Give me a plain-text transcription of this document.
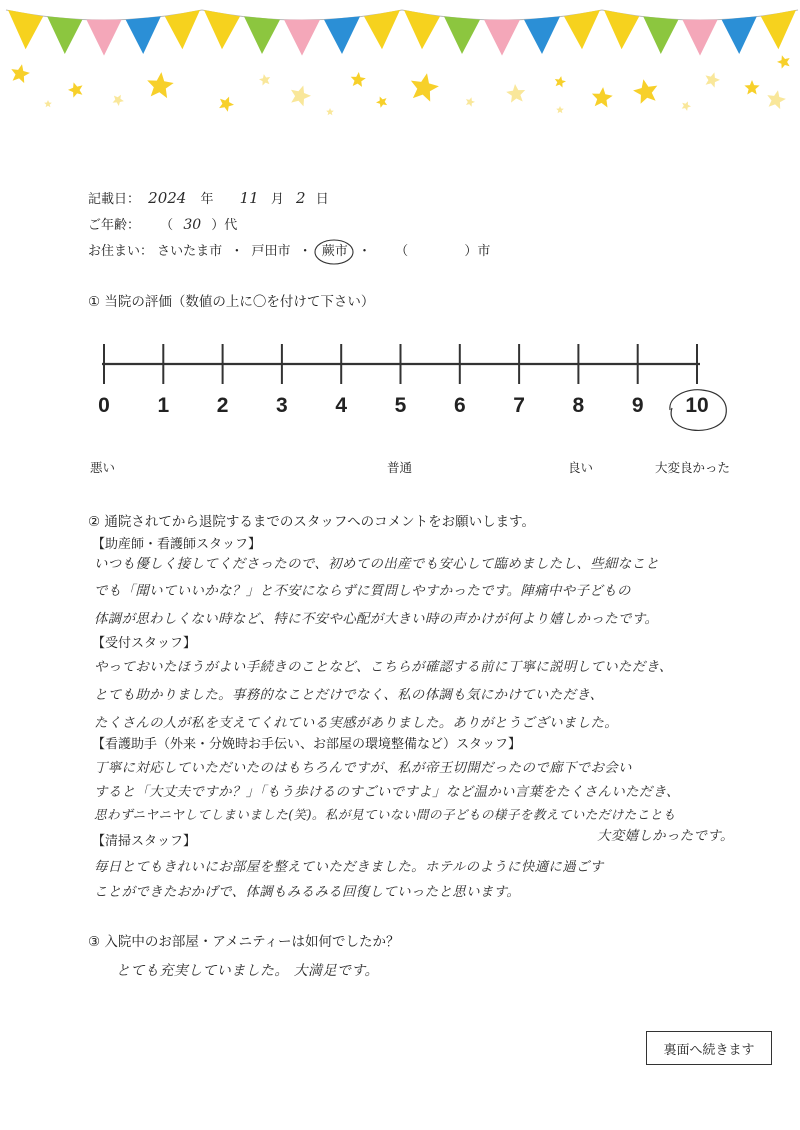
記載日： 2024 年 11 月 2 日
ご年齢： （ 30 ）代
お住まい： さいたま市 ・ 戸田市 ・ 蕨市 ・ （	）市
① 当院の評価（数値の上に〇を付けて下さい）
0	1	2	3	4	5	6	7	8	9	10
悪い	普通	良い	大変良かった
② 通院されてから退院するまでのスタッフへのコメントをお願いします。
【助産師・看護師スタッフ】
いつも優しく接してくださったので、初めての出産でも安心して臨めましたし、些細なこと
でも「聞いていいかな？」と不安にならずに質問しやすかったです。陣痛中や子どもの
体調が思わしくない時など、特に不安や心配が大きい時の声かけが何より嬉しかったです。
【受付スタッフ】
やっておいたほうがよい手続きのことなど、こちらが確認する前に丁寧に説明していただき、
とても助かりました。事務的なことだけでなく、私の体調も気にかけていただき、
たくさんの人が私を支えてくれている実感がありました。ありがとうございました。
【看護助手（外来・分娩時お手伝い、お部屋の環境整備など）スタッフ】
丁寧に対応していただいたのはもちろんですが、私が帝王切開だったので廊下でお会い
すると「大丈夫ですか？」「もう歩けるのすごいですよ」など温かい言葉をたくさんいただき、
思わずニヤニヤしてしまいました(笑)。私が見ていない間の子どもの様子を教えていただけたことも
大変嬉しかったです。
【清掃スタッフ】
毎日とてもきれいにお部屋を整えていただきました。ホテルのように快適に過ごす
ことができたおかげで、体調もみるみる回復していったと思います。
③ 入院中のお部屋・アメニティーは如何でしたか？
とても充実していました。 大満足です。
裏面へ続きます
